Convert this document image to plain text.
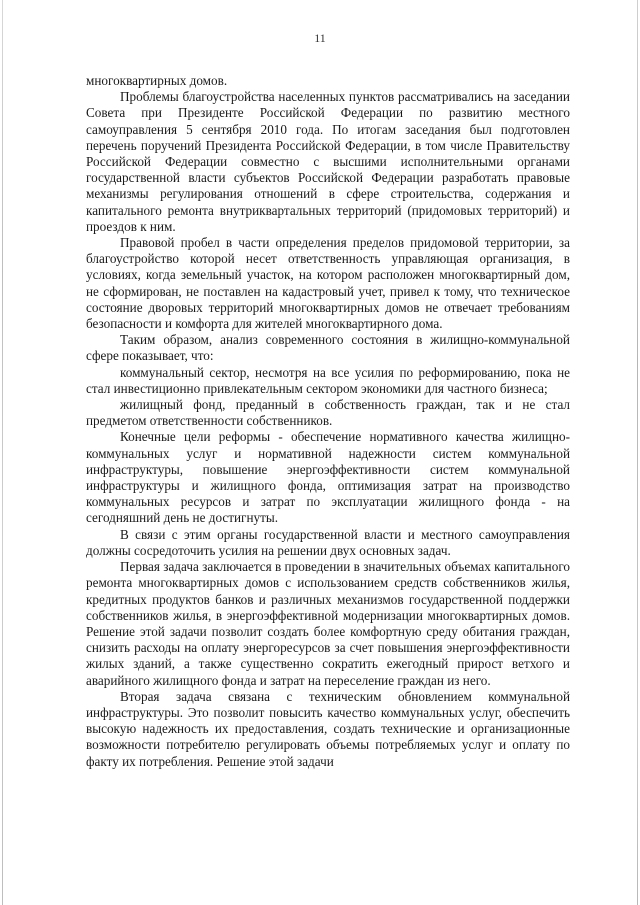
11

многоквартирных домов.

Проблемы благоустройства населенных пунктов рассматривались на заседании Совета при Президенте Российской Федерации по развитию местного самоуправления 5 сентября 2010 года. По итогам заседания был подготовлен перечень поручений Президента Российской Федерации, в том числе Правительству Российской Федерации совместно с высшими исполнительными органами государственной власти субъектов Российской Федерации разработать правовые механизмы регулирования отношений в сфере строительства, содержания и капитального ремонта внутриквартальных территорий (придомовых территорий) и проездов к ним.

Правовой пробел в части определения пределов придомовой территории, за благоустройство которой несет ответственность управляющая организация, в условиях, когда земельный участок, на котором расположен многоквартирный дом, не сформирован, не поставлен на кадастровый учет, привел к тому, что техническое состояние дворовых территорий многоквартирных домов не отвечает требованиям безопасности и комфорта для жителей многоквартирного дома.

Таким образом, анализ современного состояния в жилищно-коммунальной сфере показывает, что:

коммунальный сектор, несмотря на все усилия по реформированию, пока не стал инвестиционно привлекательным сектором экономики для частного бизнеса;

жилищный фонд, преданный в собственность граждан, так и не стал предметом ответственности собственников.

Конечные цели реформы - обеспечение нормативного качества жилищно-коммунальных услуг и нормативной надежности систем коммунальной инфраструктуры, повышение энергоэффективности систем коммунальной инфраструктуры и жилищного фонда, оптимизация затрат на производство коммунальных ресурсов и затрат по эксплуатации жилищного фонда - на сегодняшний день не достигнуты.

В связи с этим органы государственной власти и местного самоуправления должны сосредоточить усилия на решении двух основных задач.

Первая задача заключается в проведении в значительных объемах капитального ремонта многоквартирных домов с использованием средств собственников жилья, кредитных продуктов банков и различных механизмов государственной поддержки собственников жилья, в энергоэффективной модернизации многоквартирных домов. Решение этой задачи позволит создать более комфортную среду обитания граждан, снизить расходы на оплату энергоресурсов за счет повышения энергоэффективности жилых зданий, а также существенно сократить ежегодный прирост ветхого и аварийного жилищного фонда и затрат на переселение граждан из него.

Вторая задача связана с техническим обновлением коммунальной инфраструктуры. Это позволит повысить качество коммунальных услуг, обеспечить высокую надежность их предоставления, создать технические и организационные возможности потребителю регулировать объемы потребляемых услуг и оплату по факту их потребления. Решение этой задачи
